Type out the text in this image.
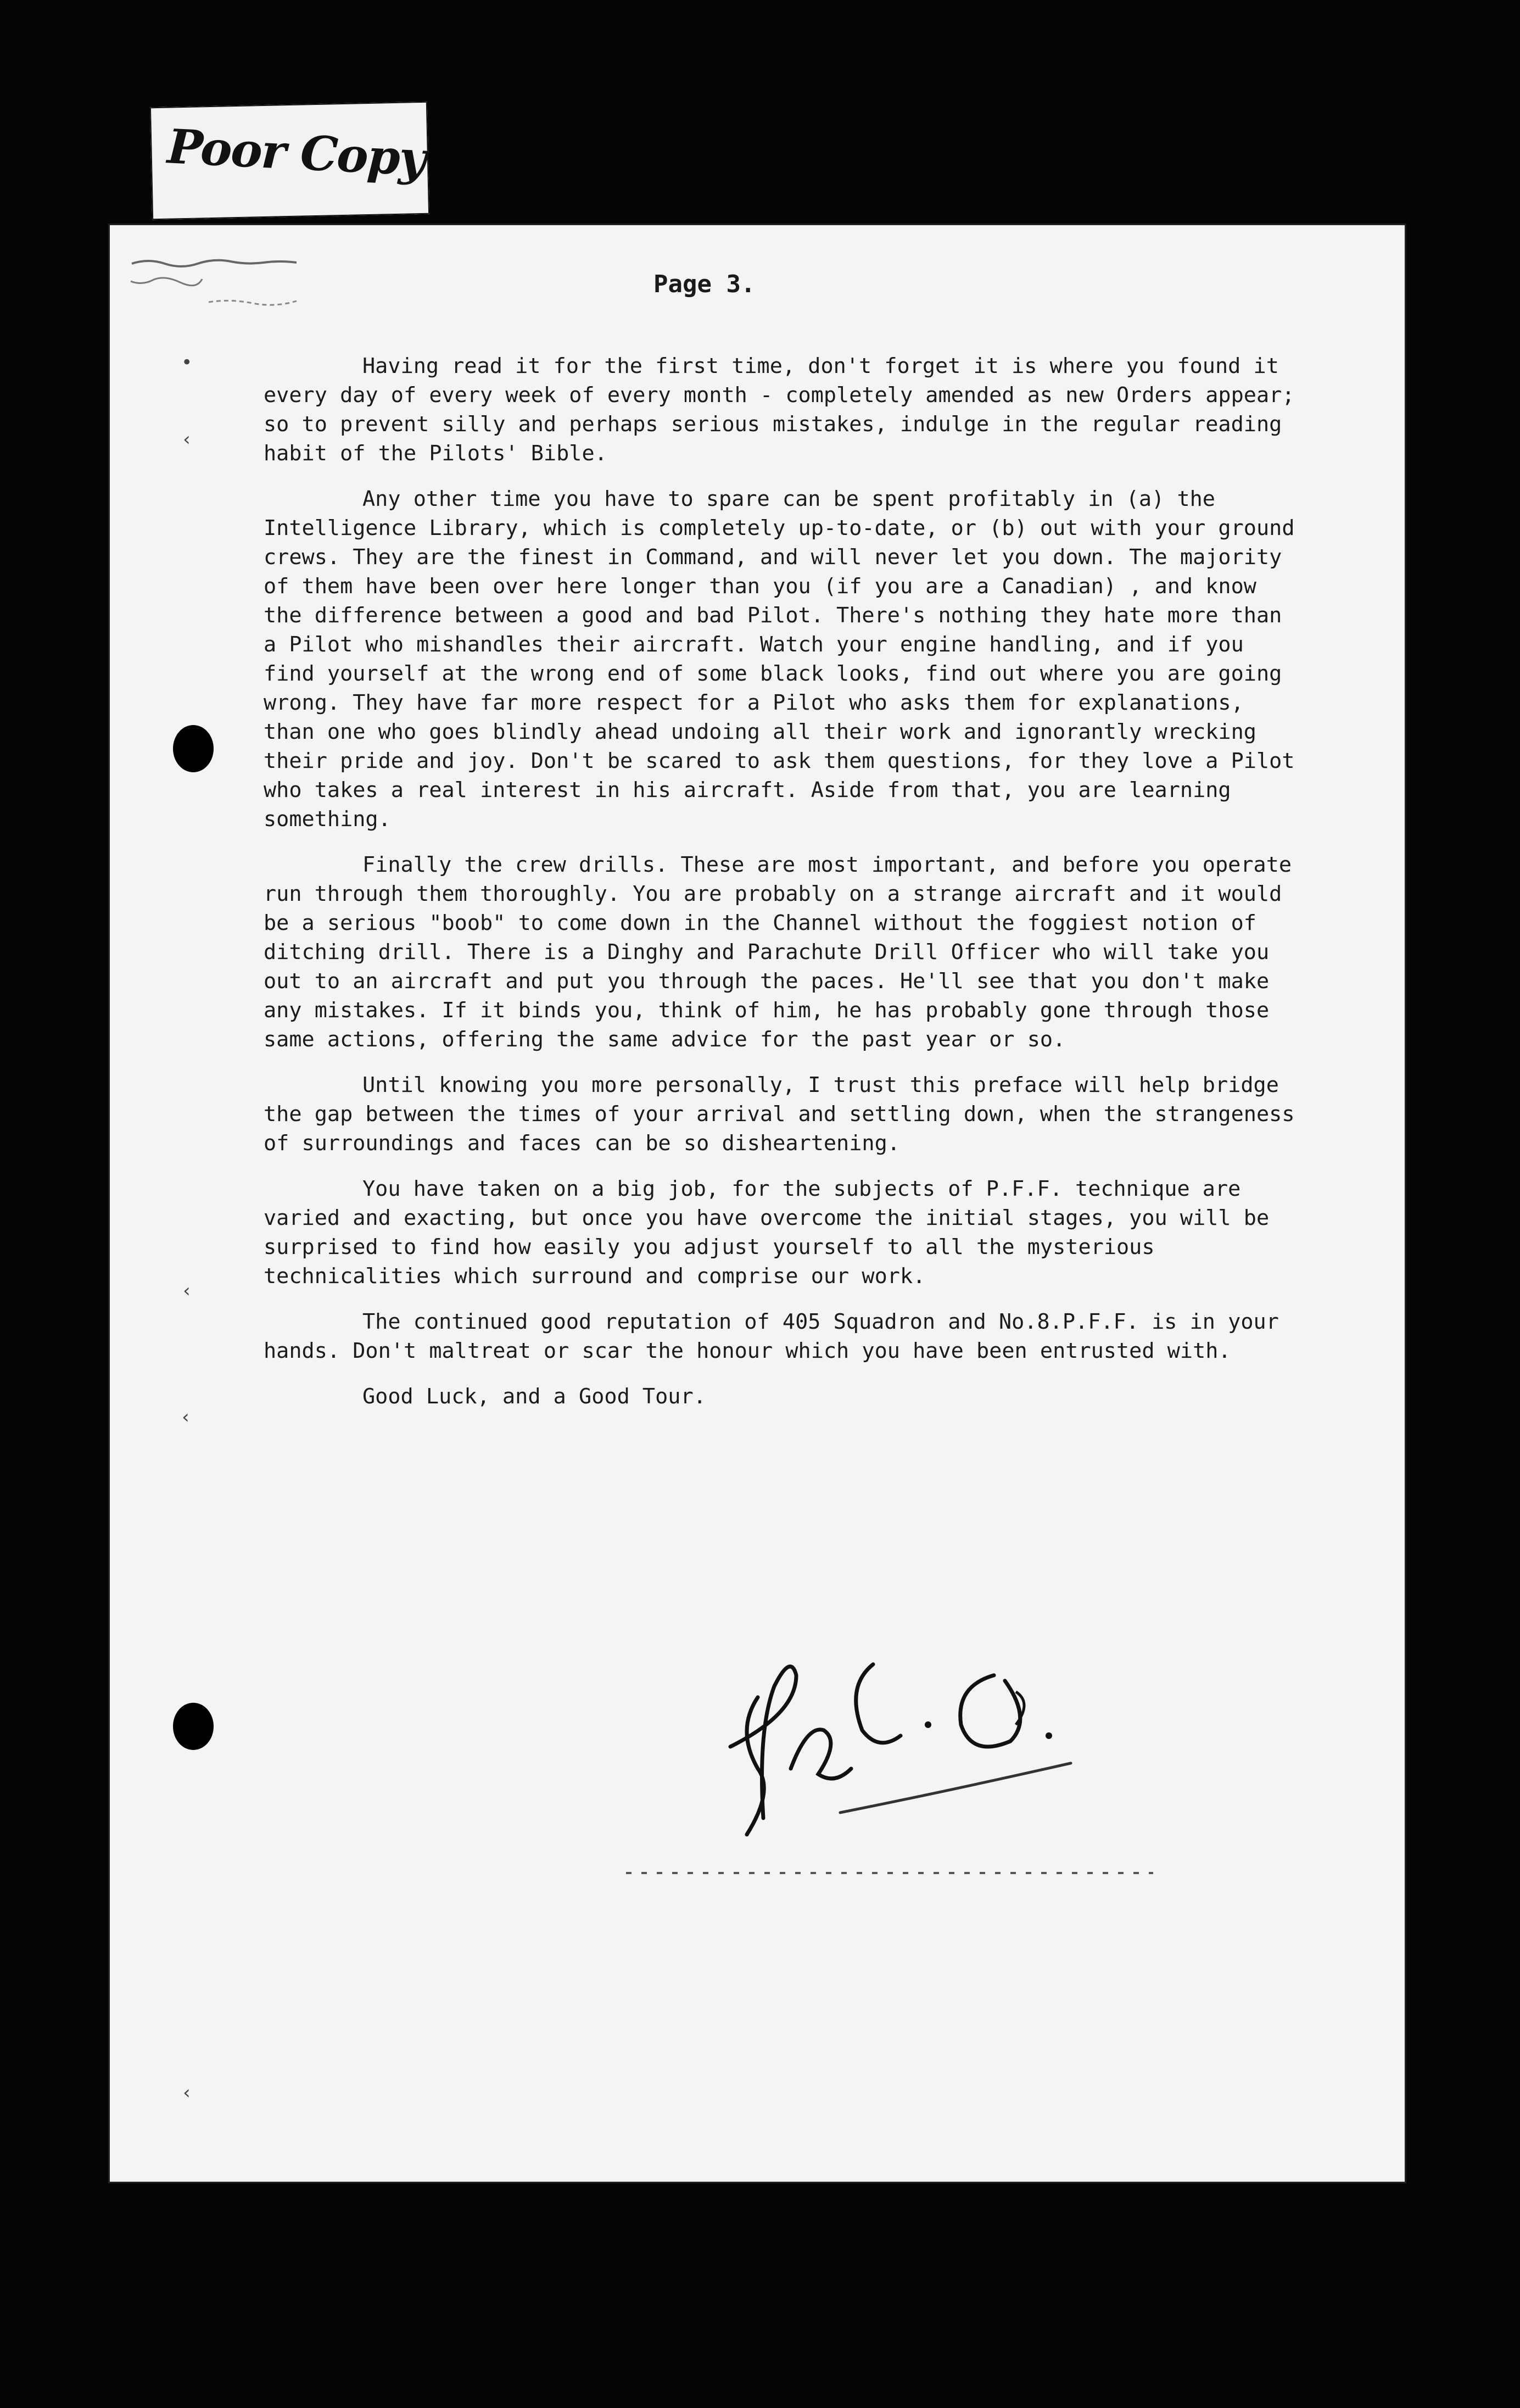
Poor Copy
Page 3.

Having read it for the first time, don't forget it is where you found it every day of every week of every month - completely amended as new Orders appear; so to prevent silly and perhaps serious mistakes, indulge in the regular reading habit of the Pilots' Bible.

Any other time you have to spare can be spent profitably in (a) the Intelligence Library, which is completely up-to-date, or (b) out with your ground crews. They are the finest in Command, and will never let you down. The majority of them have been over here longer than you (if you are a Canadian) , and know the difference between a good and bad Pilot. There's nothing they hate more than a Pilot who mishandles their aircraft. Watch your engine handling, and if you find yourself at the wrong end of some black looks, find out where you are going wrong. They have far more respect for a Pilot who asks them for explanations, than one who goes blindly ahead undoing all their work and ignorantly wrecking their pride and joy. Don't be scared to ask them questions, for they love a Pilot who takes a real interest in his aircraft. Aside from that, you are learning something.

Finally the crew drills. These are most important, and before you operate run through them thoroughly. You are probably on a strange aircraft and it would be a serious "boob" to come down in the Channel without the foggiest notion of ditching drill. There is a Dinghy and Parachute Drill Officer who will take you out to an aircraft and put you through the paces. He'll see that you don't make any mistakes. If it binds you, think of him, he has probably gone through those same actions, offering the same advice for the past year or so.

Until knowing you more personally, I trust this preface will help bridge the gap between the times of your arrival and settling down, when the strangeness of surroundings and faces can be so disheartening.

You have taken on a big job, for the subjects of P.F.F. technique are varied and exacting, but once you have overcome the initial stages, you will be surprised to find how easily you adjust yourself to all the mysterious technicalities which surround and comprise our work.

The continued good reputation of 405 Squadron and No.8.P.F.F. is in your hands. Don't maltreat or scar the honour which you have been entrusted with.

Good Luck, and a Good Tour.

•
‹
‹
‹
‹
